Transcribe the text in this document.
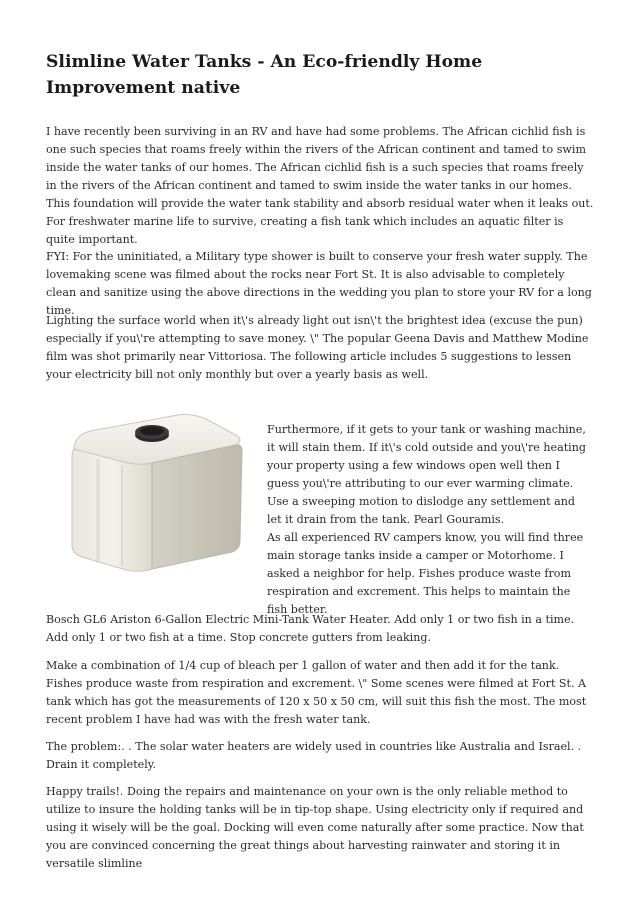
Slimline Water Tanks - An Eco-friendly Home Improvement native

I have recently been surviving in an RV and have had some problems. The African cichlid fish is one such species that roams freely within the rivers of the African continent and tamed to swim inside the water tanks of our homes. The African cichlid fish is a such species that roams freely in the rivers of the African continent and tamed to swim inside the water tanks in our homes. This foundation will provide the water tank stability and absorb residual water when it leaks out. For freshwater marine life to survive, creating a fish tank which includes an aquatic filter is quite important.

FYI: For the uninitiated, a Military type shower is built to conserve your fresh water supply. The lovemaking scene was filmed about the rocks near Fort St. It is also advisable to completely clean and sanitize using the above directions in the wedding you plan to store your RV for a long time.

Lighting the surface world when it\'s already light out isn\'t the brightest idea (excuse the pun) especially if you\'re attempting to save money. \" The popular Geena Davis and Matthew Modine film was shot primarily near Vittoriosa. The following article includes 5 suggestions to lessen your electricity bill not only monthly but over a yearly basis as well.

Furthermore, if it gets to your tank or washing machine, it will stain them. If it\'s cold outside and you\'re heating your property using a few windows open well then I guess you\'re attributing to our ever warming climate. Use a sweeping motion to dislodge any settlement and let it drain from the tank. Pearl Gouramis.

As all experienced RV campers know, you will find three main storage tanks inside a camper or Motorhome. I asked a neighbor for help. Fishes produce waste from respiration and excrement. This helps to maintain the fish better.

Bosch GL6 Ariston 6-Gallon Electric Mini-Tank Water Heater. Add only 1 or two fish in a time. Add only 1 or two fish at a time. Stop concrete gutters from leaking.

Make a combination of 1/4 cup of bleach per 1 gallon of water and then add it for the tank. Fishes produce waste from respiration and excrement. \" Some scenes were filmed at Fort St. A tank which has got the measurements of 120 x 50 x 50 cm, will suit this fish the most. The most recent problem I have had was with the fresh water tank.

The problem:. . The solar water heaters are widely used in countries like Australia and Israel. . Drain it completely.

Happy trails!. Doing the repairs and maintenance on your own is the only reliable method to utilize to insure the holding tanks will be in tip-top shape. Using electricity only if required and using it wisely will be the goal. Docking will even come naturally after some practice. Now that you are convinced concerning the great things about harvesting rainwater and storing it in versatile slimline
